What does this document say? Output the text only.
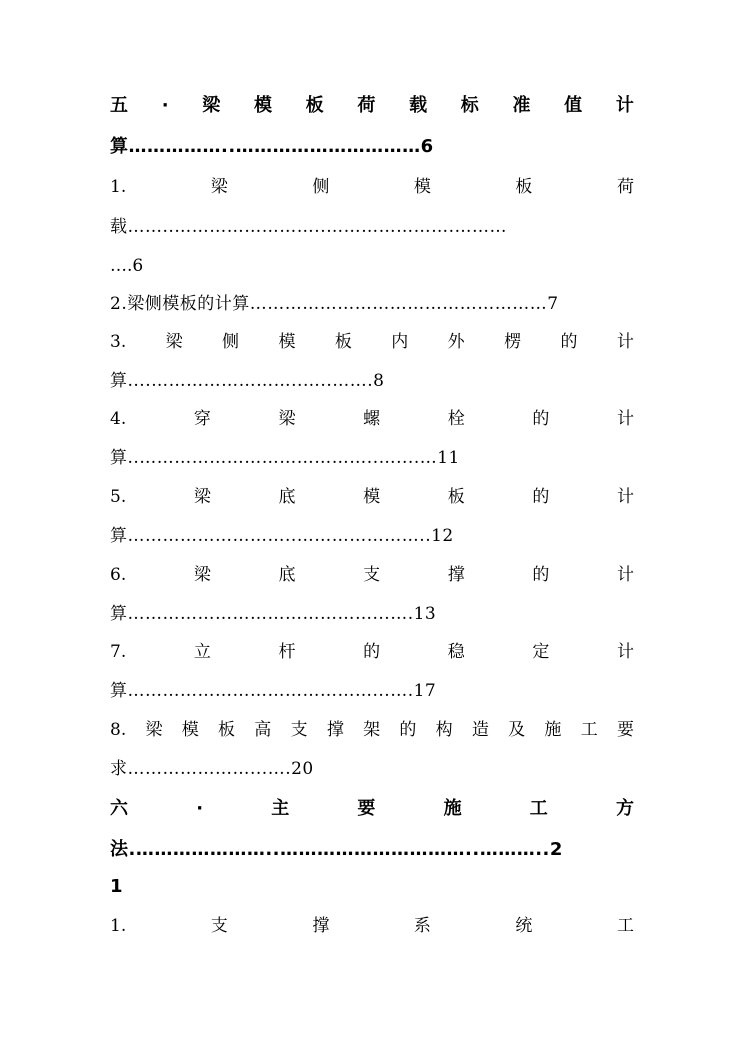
五 · 梁 模 板 荷 载 标 准 值 计
算……………..…………………………6
1.	梁	侧	模	板	荷
载……..……………………..………………….………
….6
2.梁侧模板的计算……………………………………………7
3. 梁 侧 模 板 内 外 楞 的 计
算....……………………..…..…….8
4.	穿	梁	螺	栓	的	计
算..…………………………………..…....…11
5.	梁	底	模	板	的	计
算………………………..…………………..12
6.	梁	底	支	撑	的	计
算……………………………………...….13
7.	立	杆	的	稳	定	计
算……………………………………...….17
8. 梁 模 板 高 支 撑 架 的 构 造 及 施 工 要
求…………………...….20
六	·	主	要	施	工	方
法.…………………..…………………………..………..2
1
1.	支	撑	系	统	工
